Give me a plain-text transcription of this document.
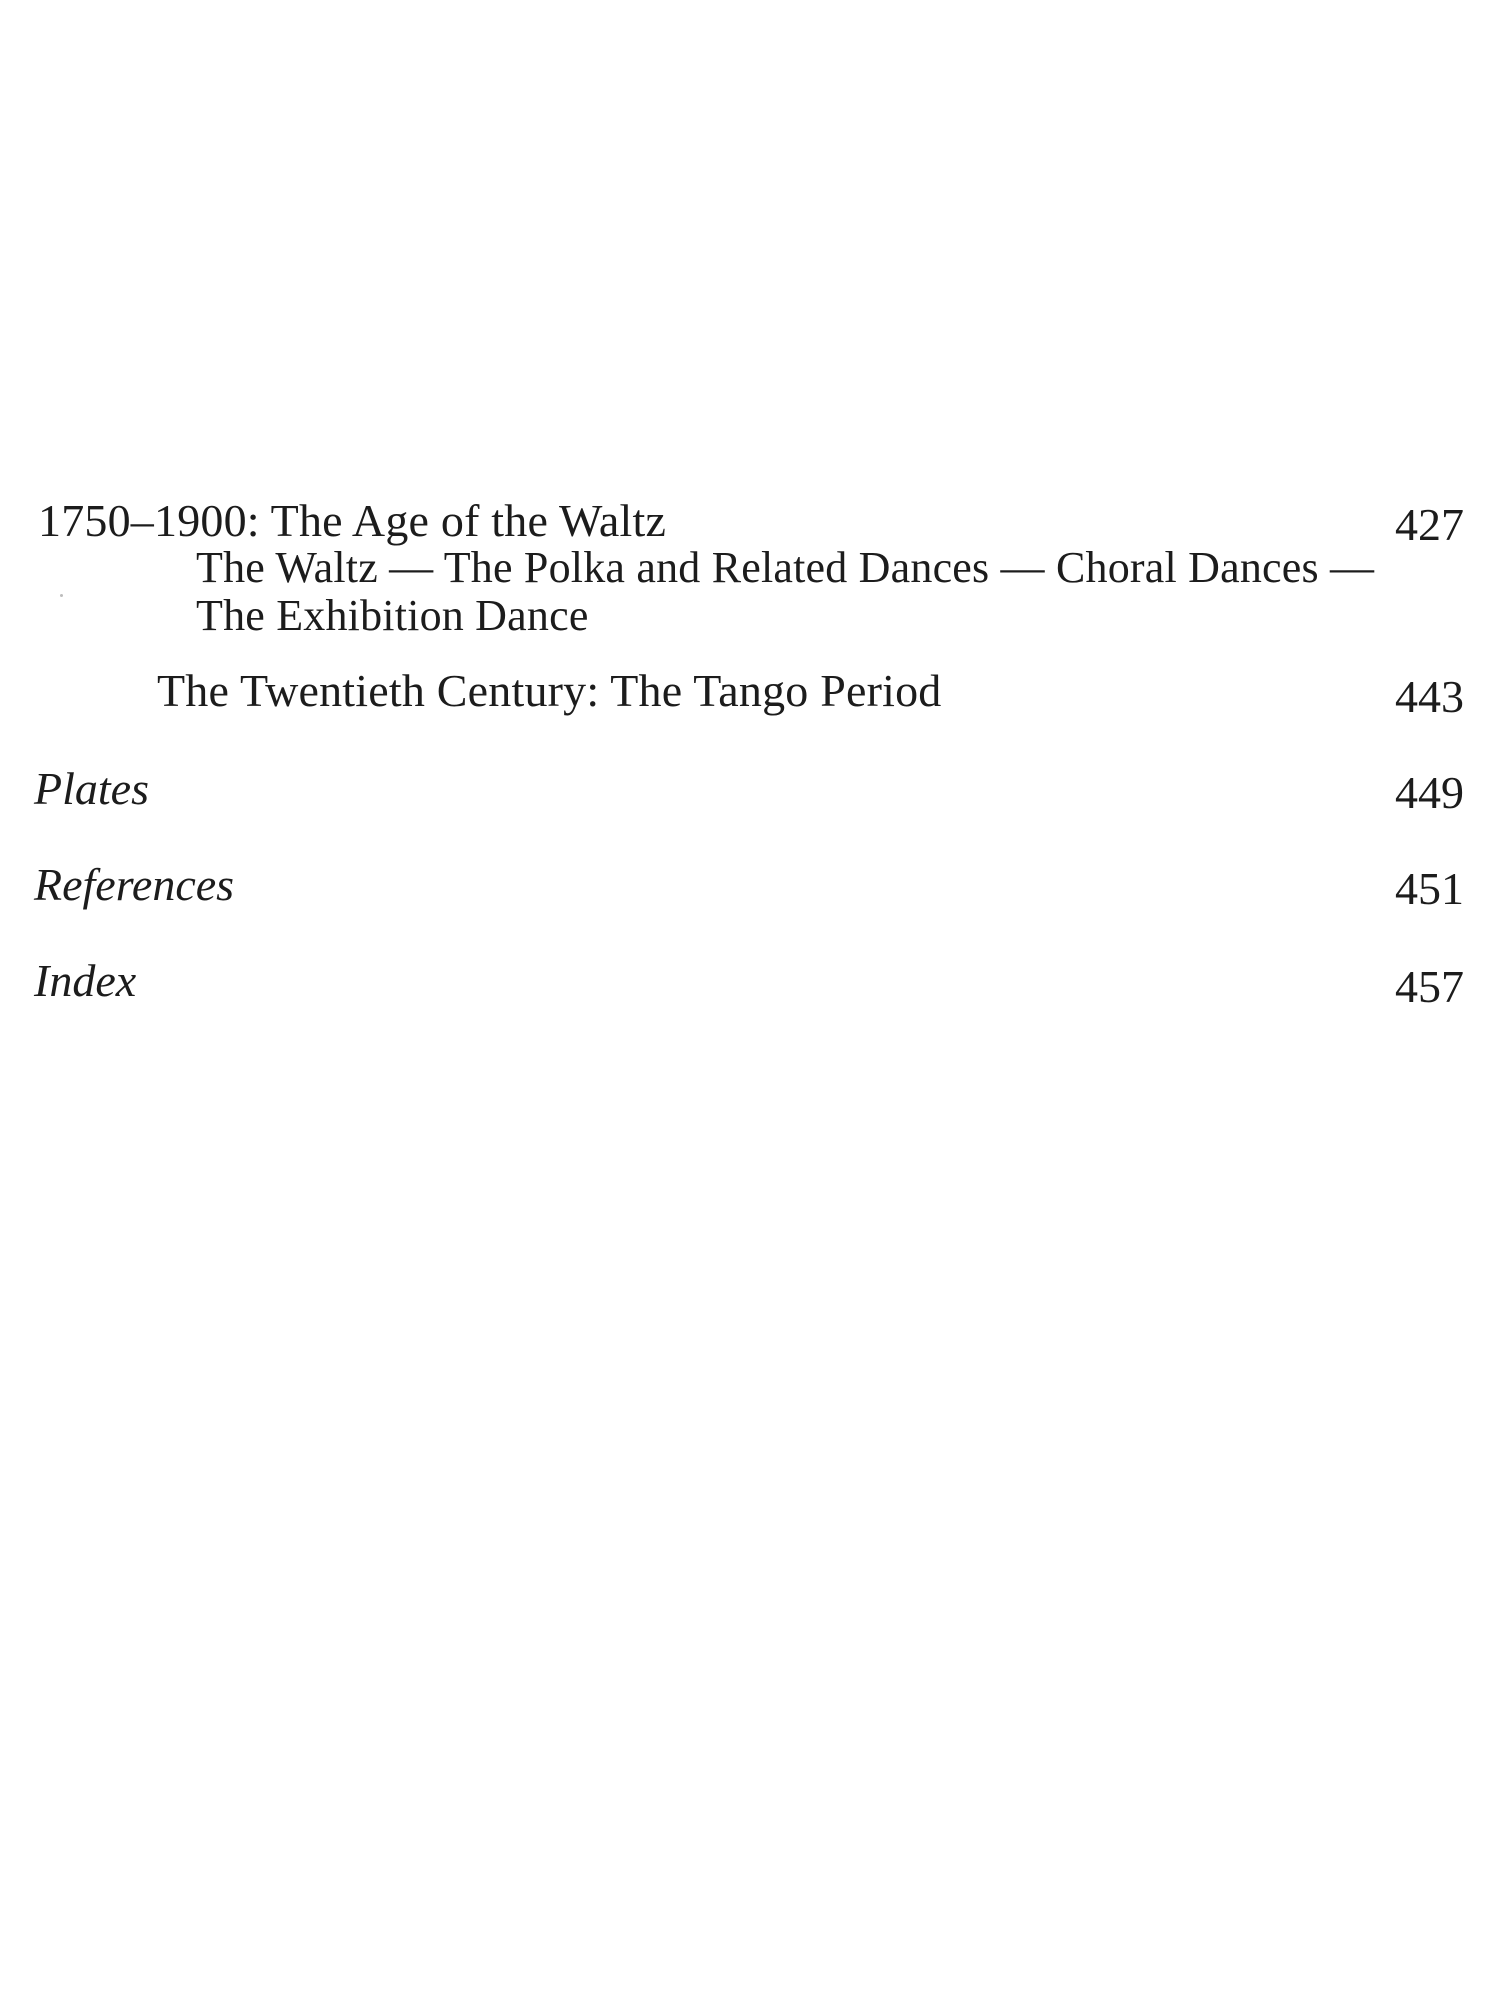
1750–1900: The Age of the Waltz	427

The Waltz — The Polka and Related Dances — Choral Dances —

The Exhibition Dance

The Twentieth Century: The Tango Period	443

Plates	449

References	451

Index	457
